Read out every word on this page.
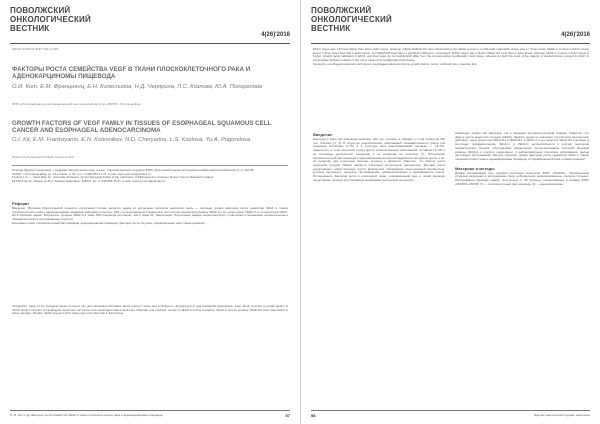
ПОВОЛЖСКИЙ
ОНКОЛОГИЧЕСКИЙ
ВЕСТНИК
4(26)'2016
УДК 616.33-006.04-08:577.152.1/.3:096
ФАКТОРЫ РОСТА СЕМЕЙСТВА VEGF В ТКАНИ ПЛОСКОКЛЕТОЧНОГО РАКА И АДЕНОКАРЦИНОМЫ ПИЩЕВОДА
О.И. Кит, Е.М. Франциянц, Е.Н. Колесников, Н.Д. Черярина, Л.С. Козлова, Ю.А. Погорелова
ФГБУ «Ростовский научно-исследовательский онкологический институт» МЗ РФ, г. Ростов-на-Дону
GROWTH FACTORS OF VEGF FAMILY IN TISSUES OF ESOPHAGEAL SQUAMOUS CELL CANCER AND ESOPHAGEAL ADENOCARCINOMA
O.I. Kit, E.M. Frantsiyants, E.N. Kolesnikov, N.D. Cheryarina, L.S. Kozlova, Yu.A. Pogorelova
Rostov Cancer Research Institute, Rostov-on-Don
Козлова Лариса Степановна — кандидат биологических наук, доцент, старший научный сотрудник ФГБУ «Ростовский научно-исследовательский онкологический институт» МЗ РФ
344037, г. Ростов-на-Дону, ул. 14-я линия, д. 63, тел. +7-918-554-17-47, e-mail: super.gormon@yandex.ru
Kozlova L.S. — Cand. Biol. Sc., Associate Professor, Senior Research Fellow of the Laboratory of Pathogenesis of Cancer, Rostov Cancer Research Institute
63 14th Line St., Rostov-on-Don, Russian Federation, 344037, tel. +7-918-554-17-47, e-mail: super.gormon@yandex.ru
Реферат
Введение. Изучение биологической сущности опухолевой стромы является одним из актуальных вопросов онкологии. Цель — изучение уровня факторов роста семейства VEGF в тканях плоскоклеточного рака и аденокарциномы пищевода. Материал и методы. ИФА с использованием стандартных тест-систем определяли уровень VEGF-A и его рецепторов, VEGF-C и его рецептора VEGF-R3 в образцах тканей. Результаты. Уровень VEGF-A в ткани ПКР пищевода был выше, чем в ткани АК. Заключение. Полученные данные свидетельствуют о различиях в механизмах неоангиогенеза и лимфангиогенеза в исследованных опухолях.
Ключевые слова: плоскоклеточный рак пищевода, аденокарцинома пищевода, факторы роста, опухоль, перифокальная зона, линия резекции.
Introduction. Study of the biological nature of cancer can give interesting information about process course and contribute to development of new therapeutic approaches. Goal. Study of levels of growth factors of VEGF family in tissues of esophageal squamous cell cancer and esophageal adenocarcinoma. Materials and methods. Levels of VEGF-A and its receptors, VEGF-C and its receptor VEGF-R3 were determined in tissue samples. Results. VEGF-A level in SCC tissue was more than that in EAC tissue.
О. И. Кит и др. Факторы роста семейства VEGF в ткани плоскоклеточного рака и аденокарциномы пищевода	57
ПОВОЛЖСКИЙ
ОНКОЛОГИЧЕСКИЙ
ВЕСТНИК
4(26)'2016
ESCC tissue was 1.8 times higher than that in EAC tissue. However, VEGF-A/VEGF-R1 ratio characterizing the VEGF-A level in conditionally intact EAC tissue was 1.7 times lower. VEGF-C content in ESCC tissue was 2.7 times lower than that in EAC tissue, and VEGF-R3 level had no significant difference. Conclusion. ESCC tissue has a higher VEGF-A/2 level than in EAC tissue, whereas VEGF-C content in EAC tissue is higher. Growth factor indicators in ESCC and their ratios do not significantly differ from the corresponding conditionally intact tissue, whereas for EAC the level of the majority of studied factors (except for EGF) is intermediate between indexes in the tumor tissue and conditionally intact tissue.
Keywords: esophageal squamous cell cancer, esophageal adenocarcinoma, growth factors, tumor, perifocal zone, resection line.
Введение
Ежегодно в мире рак пищевода выявляют 400 тыс. человек, а умирают от этой патологии 300 тыс. больных [1, 2]. В структуре онкологических заболеваний пищеварительного тракта рак пищевода составляет 5–7%, а в структуре всех новообразований человека — 1,5–2%. Смертность от этой патологии, в ряду других злокачественных заболеваний, составляет 5–6% и за последние десятилетия тенденции к ее снижению не отмечено [7]. Исторически плоскоклеточный рак пищевода и аденокарцинома всегда исследовались как единое целое, а не, по существу, две отдельные болезни, которые и являются. Известно, что фактор роста эндотелия сосудов (VEGF) является ключевым регулятором ангиогенеза. Факторы роста представляют собой большую группу фрагментов, обладающих биологической активностью, которые регулируют процессы пролиферации, дифференцировки и выживаемости клеток. Исследование факторов роста в опухолевой ткани, перифокальной зоне и линии резекции представляет интерес для понимания механизмов опухолевой прогрессии.
изменение уровня как маркеров, так и мишеней противоопухолевой терапии. Известно, что фактор роста эндотелия сосудов (VEGF), являясь одним из ключевых регуляторов ангиогенеза, действует через рецепторы VEGF-R1 и VEGF-R2, а VEGF-C и его рецептор VEGF-R3 участвуют в регуляции лимфангиогенеза. VEGF-C и VEGF-D экспрессируются в клетках эндотелия лимфатических сосудов, обусловливая лимфогенное метастазирование опухолей. Высокий уровень VEGF-A в опухоли коррелирует с неблагоприятным прогнозом заболевания. Целью настоящего исследования явилось изучение уровня факторов роста семейства VEGF в тканях плоскоклеточного рака и аденокарциномы пищевода, их перифокальной зоне и линии резекции.
Материал и методы
Дизайн исследования был одобрен этическим комитетом ФГБУ «РНИОИ». Обязательным условием включения в исследование было добровольное информированное согласие больных. Исследования образцов тканей, полученных от 38 больных, оперированных в клинике ФГБУ «РНИОИ» МЗ РФ: 17 — плоскоклеточный рак пищевода, 21 — аденокарцинома.
58	Научно-практический журнал онкологии
